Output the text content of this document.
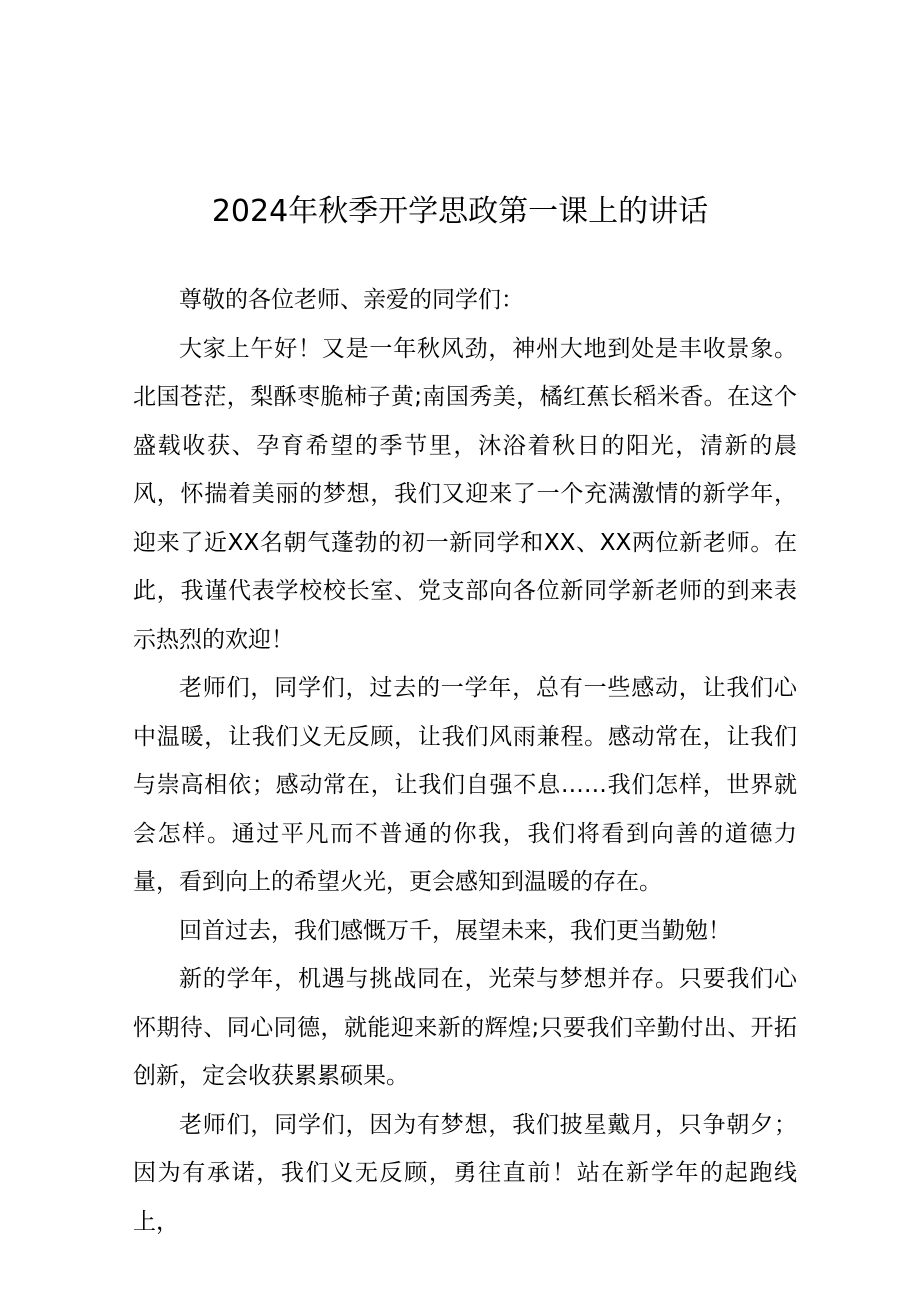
2024年秋季开学思政第一课上的讲话

尊敬的各位老师、亲爱的同学们：

大家上午好！又是一年秋风劲，神州大地到处是丰收景象。北国苍茫，梨酥枣脆柿子黄;南国秀美，橘红蕉长稻米香。在这个盛载收获、孕育希望的季节里，沐浴着秋日的阳光，清新的晨风，怀揣着美丽的梦想，我们又迎来了一个充满激情的新学年，迎来了近XX名朝气蓬勃的初一新同学和XX、XX两位新老师。在此，我谨代表学校校长室、党支部向各位新同学新老师的到来表示热烈的欢迎！

老师们，同学们，过去的一学年，总有一些感动，让我们心中温暖，让我们义无反顾，让我们风雨兼程。感动常在，让我们与崇高相依；感动常在，让我们自强不息……我们怎样，世界就会怎样。通过平凡而不普通的你我，我们将看到向善的道德力量，看到向上的希望火光，更会感知到温暖的存在。

回首过去，我们感慨万千，展望未来，我们更当勤勉！

新的学年，机遇与挑战同在，光荣与梦想并存。只要我们心怀期待、同心同德，就能迎来新的辉煌;只要我们辛勤付出、开拓创新，定会收获累累硕果。

老师们，同学们，因为有梦想，我们披星戴月，只争朝夕；因为有承诺，我们义无反顾，勇往直前！站在新学年的起跑线上，
